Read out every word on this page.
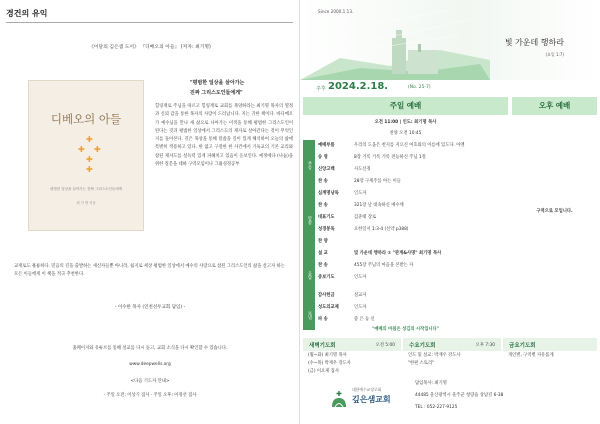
경건의 유익
《이달의 김은샘 도서》 『디베오의 아들』 (저자: 최기명)
디베오의 아들
✚
✚ ✚
✚
✚
평범한 일상을 살아가는 진짜 그리스도인들에게
최 기 명 지음
"평범한 일상을 살아가는
진짜 그리스도인들에게"
힐링재로 주님을 따르고 힐링재로 교회를 목양하라는 최기명 목사의 열정과 신뢰 감을 통한 목자의 사랑이 드러납니다. 지는 귀한 책이다. 바디매오가 예수님을 만나 새 삶으로 나아가는 이적을 통해 평범한 그리스도인이 된다는 것과 평범한 일상에서 그리스도의 제자로 살아간다는 것이 무엇인지를 돌아본다. 길은 목상을 통해 말씀을 깊이 있게 해석하여 오늘의 삶에 특별히 적용하고 있다. 한 없고 구절한 한 사건에서 기독교의 기본 교리와 참된 제자도를 설득력 있게 파헤치고 있음이 돋보인다. 예정에다 (나눔)을 위한 질문을 대하 구역모임이나 그룹성경공부
교재로도 훌륭하다. 믿음의 길을 출발하는 새신자들뿐 아니라, 쉽지로 세상 평범한 일상에서 예수의 사랑으로 참된 그리스도인의 삶을 살고자 하는 모든 이들에게 이 책을 적극 추천한다.
- 이수한 목사 (인천선두교회 담임) -
홈페이지와 유튜브를 통해 설교를 다시 듣고, 교회 소식을 다시 확인할 수 있습니다.
www.deepwells.org
<다음 기도자 안내>
- 주일 오전: 이상기 집사 · 주일 오후: 이경선 집사
Since 2000.1.13.
빛 가운데 행하라
(요일 1:7)
주후 2024.2.18.	(No. 25-7)
주일 예배	오후 예배
오전 11:00 | 인도: 최기명 목사
찬양 오전 10:45
부름
말씀
응답
보냄
예배부름	우리의 도움은 천지를 지으신 여호와의 이름에 있도다. 아멘
송 영	8장 거룩 거룩 거룩 전능하신 주님 1절
신앙고백	사도신경
찬 송	28장 구세주를 아는 이들
십계명낭독	인도자
찬 송	321장 날 대속하신 예수께
대표기도	김준태 장로
성경봉독	요한일서 1:3-4 (신약 p388)
찬 양
설 교	빛 가운데 행하라 ① "관계&사명" 최기명 목사
찬 송	455장 주님의 마음을 본받는 자
중보기도	인도자
감사헌금	설교자
성도의교제	인도자
파 송	좋 은 등 신
"예배의 마침은 성김의 시작입니다"
구역으로 모입니다.
새벽기도회	오전 5:00	수요기도회	오후 7:30	금요기도회
(월~화) 최기명 목사
(수~목) 박재우 강도사
(금) 이요제 집사
인도 및 설교: 박재우 강도사
"한편 스토리"
개인별, 구역별 자유롭게
대한예수교장로회
깊은샘교회
담임목사: 최기명
44485 울산광역시 울주군 청량읍 상남길 6-38
TEL : 052-227-9125
